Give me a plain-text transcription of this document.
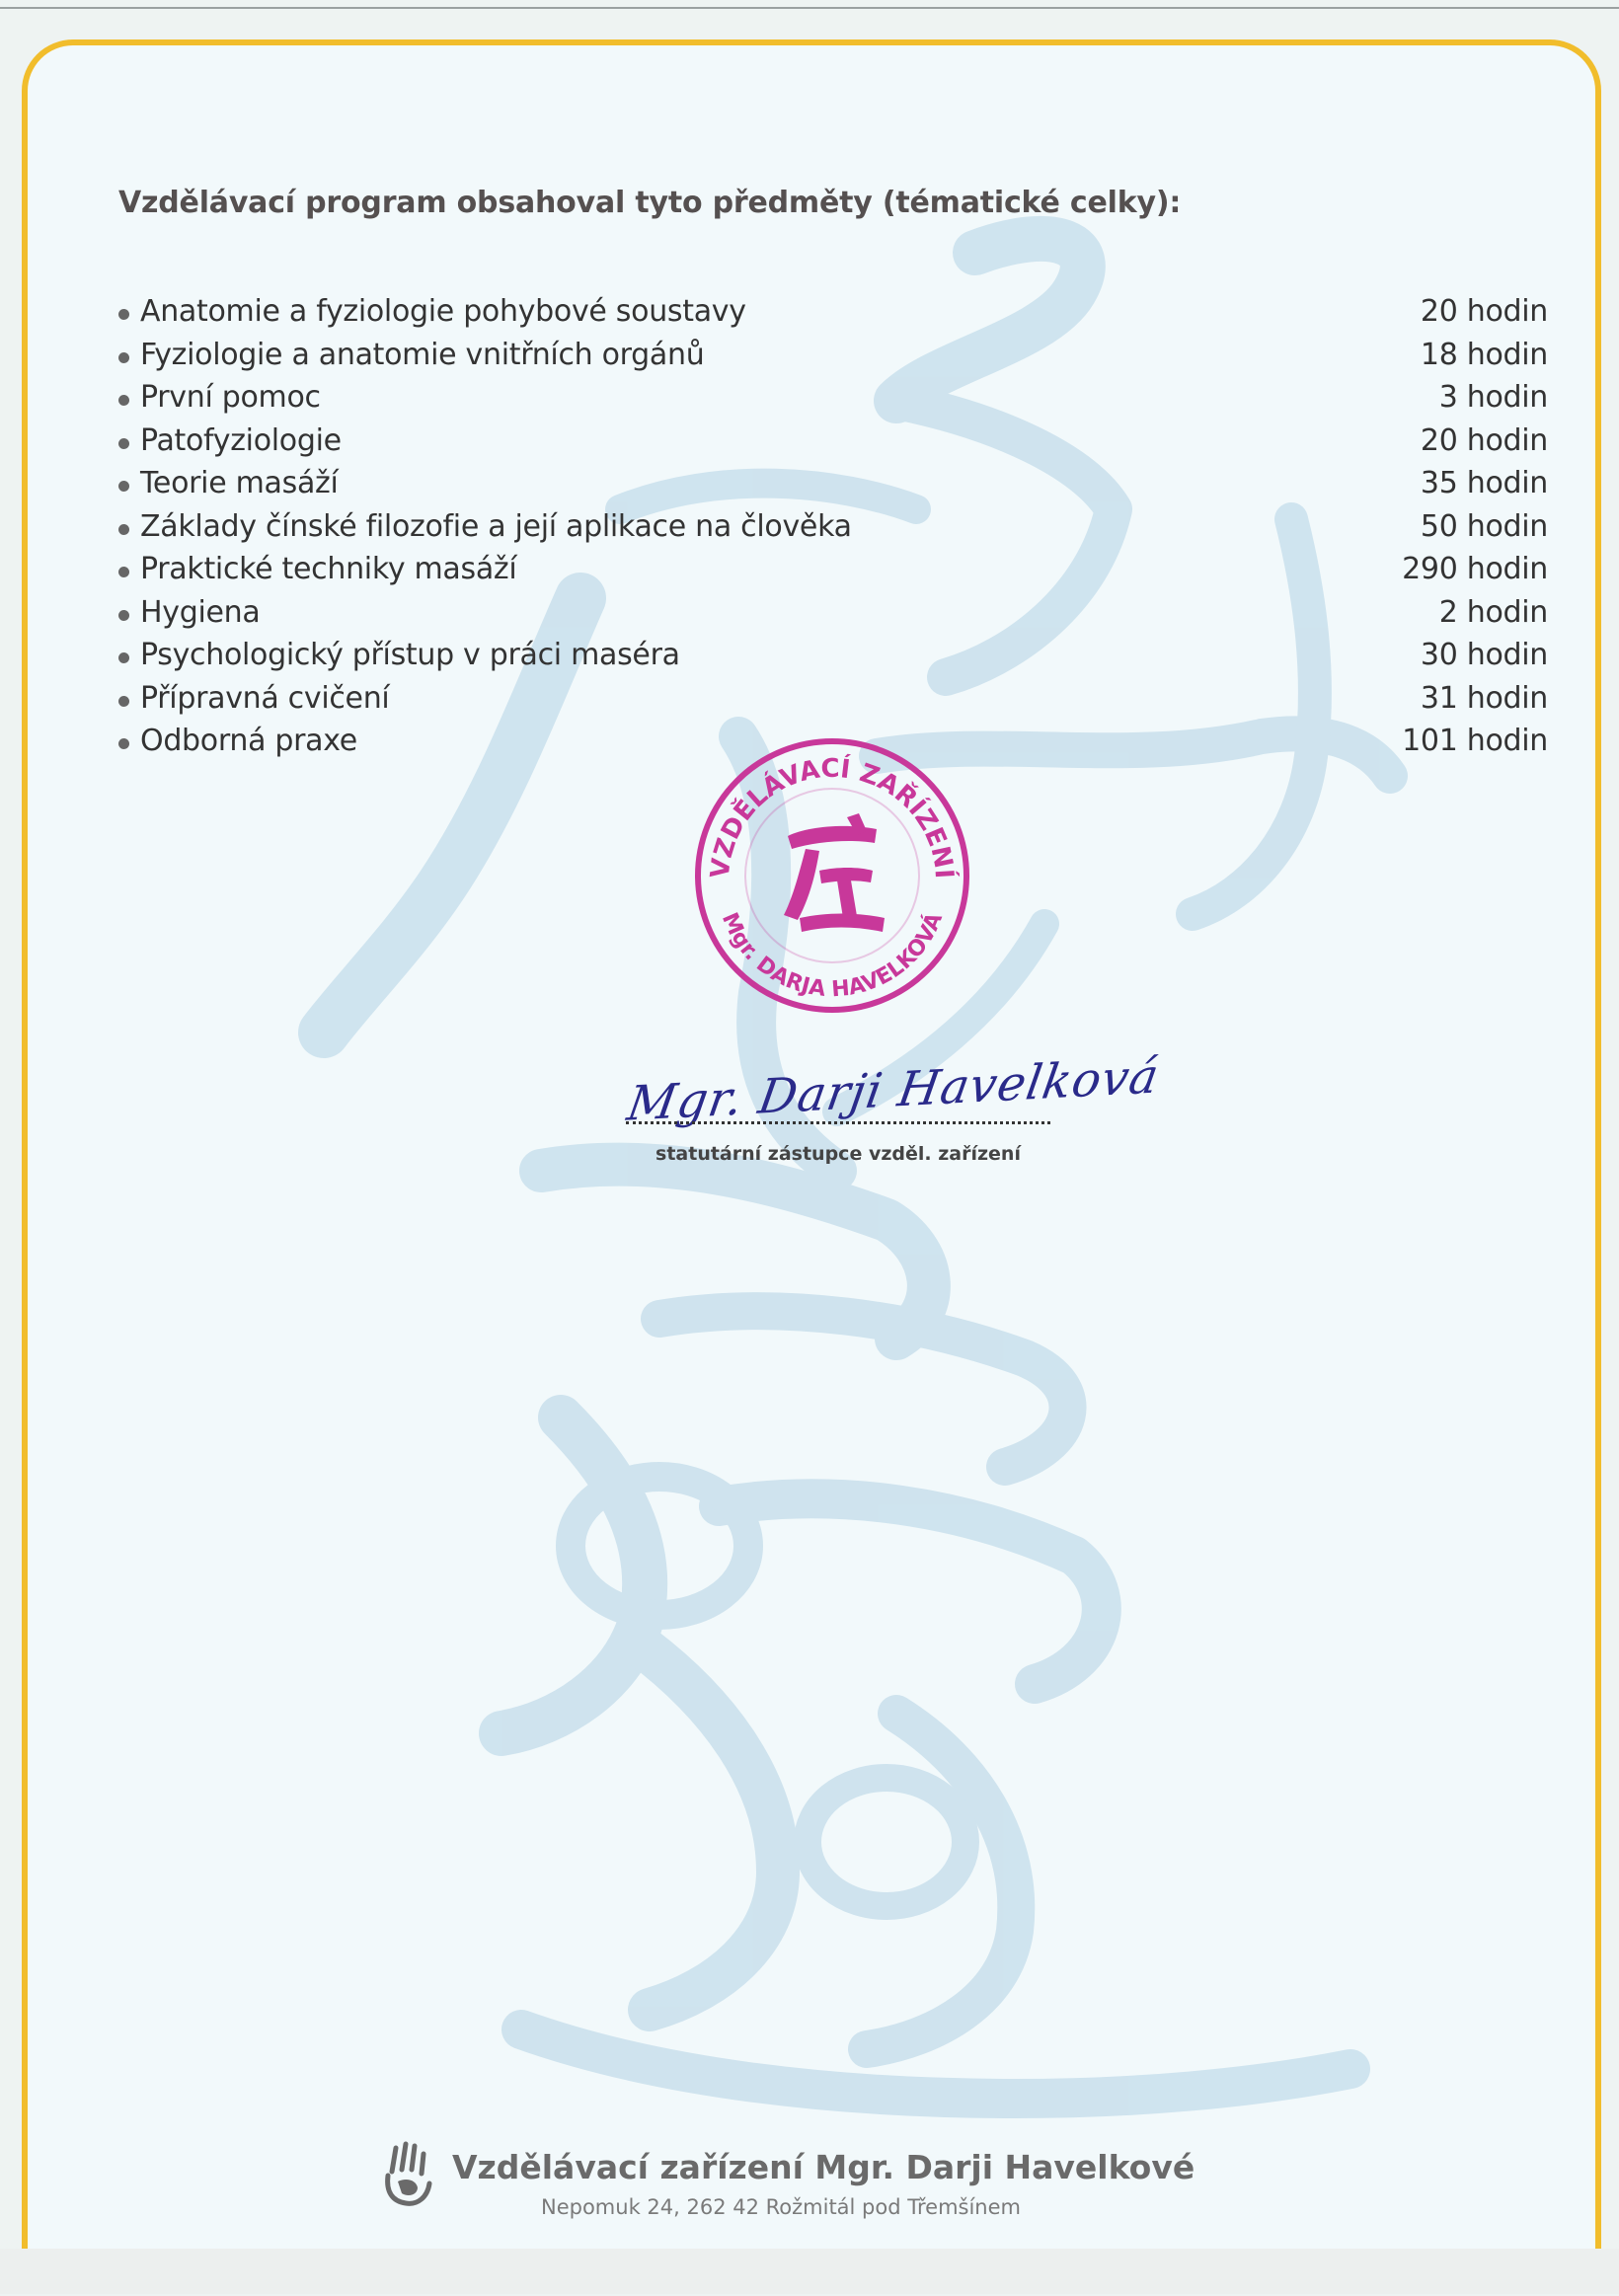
Vzdělávací program obsahoval tyto předměty (tématické celky):
Anatomie a fyziologie pohybové soustavy	20 hodin
Fyziologie a anatomie vnitřních orgánů	18 hodin
První pomoc	3 hodin
Patofyziologie	20 hodin
Teorie masáží	35 hodin
Základy čínské filozofie a její aplikace na člověka	50 hodin
Praktické techniky masáží	290 hodin
Hygiena	2 hodin
Psychologický přístup v práci maséra	30 hodin
Přípravná cvičení	31 hodin
Odborná praxe	101 hodin
VZDĚLÁVACÍ ZAŘÍZENÍ
Mgr. DARJA HAVELKOVÁ
Mgr. Darji Havelková

statutární zástupce vzděl. zařízení

Vzdělávací zařízení Mgr. Darji Havelkové

Nepomuk 24, 262 42 Rožmitál pod Třemšínem
